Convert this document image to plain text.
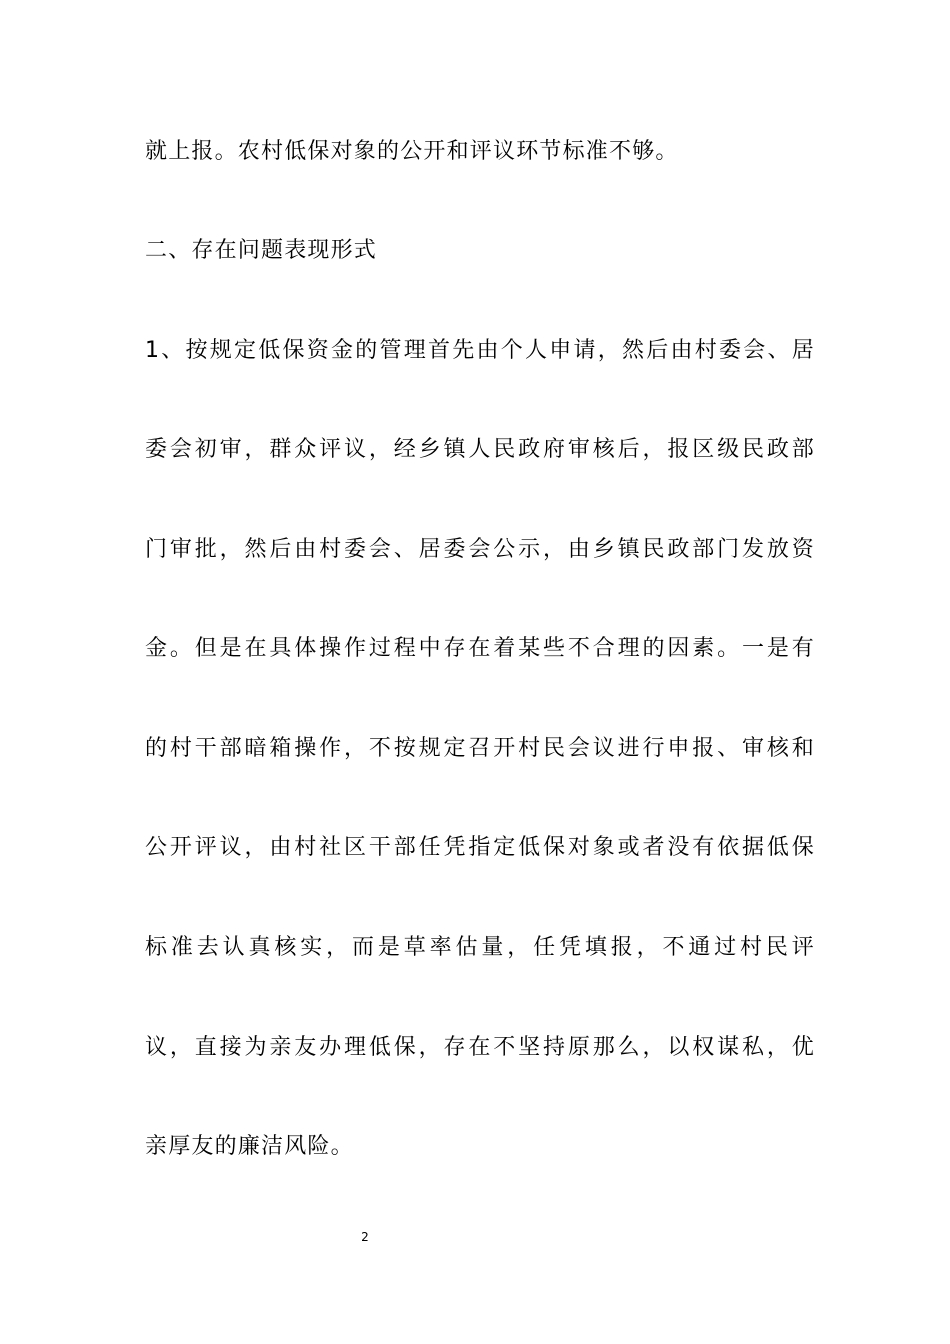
就上报。农村低保对象的公开和评议环节标准不够。
二、存在问题表现形式
1、按规定低保资金的管理首先由个人申请，然后由村委会、居
委会初审，群众评议，经乡镇人民政府审核后，报区级民政部
门审批，然后由村委会、居委会公示，由乡镇民政部门发放资
金。但是在具体操作过程中存在着某些不合理的因素。一是有
的村干部暗箱操作，不按规定召开村民会议进行申报、审核和
公开评议，由村社区干部任凭指定低保对象或者没有依据低保
标准去认真核实，而是草率估量，任凭填报，不通过村民评
议，直接为亲友办理低保，存在不坚持原那么，以权谋私，优
亲厚友的廉洁风险。
2
